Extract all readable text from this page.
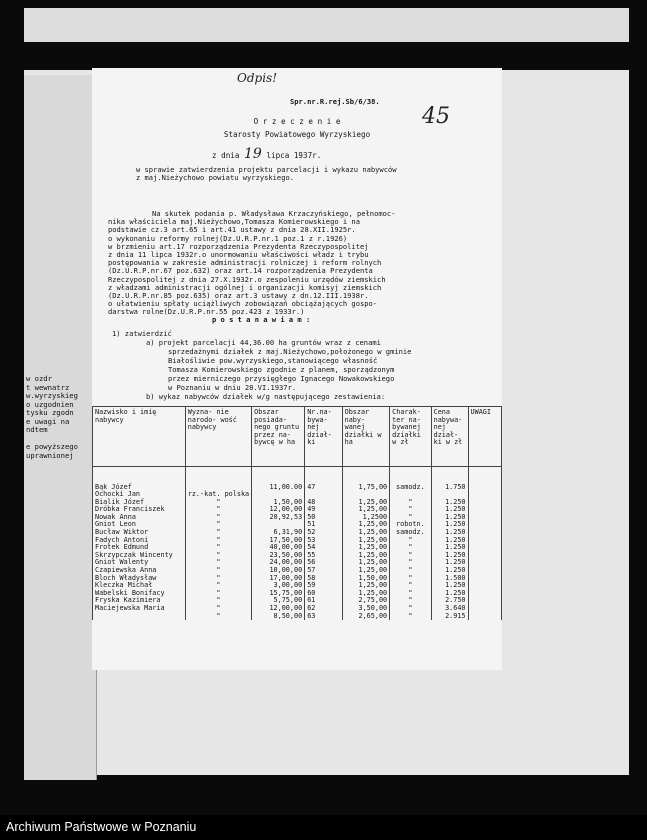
w ozdr
t wewnatrz
w.wyrzyskieg
o uzgodnien
tysku zgodn
e uwagi na
ndtem

e powyższego
uprawnionej
Odpis!
Spr.nr.R.rej.Sb/6/38.
45
O r z e c z e n i e
Starosty Powiatowego Wyrzyskiego
z dnia 19 lipca 1937r.
w sprawie zatwierdzenia projektu parcelacji i wykazu nabywców
z maj.Nieżychowo powiatu wyrzyskiego.
Na skutek podania p. Władysława Krzaczyńskiego, pełnomoc-
nika właściciela maj.Nieżychowo,Tomasza Komierowskiego i na
podstawie cz.3 art.65 i art.41 ustawy z dnia 28.XII.1925r.
o wykonaniu reformy rolnej(Dz.U.R.P.nr.1 poz.1 z r.1926)
w brzmieniu art.17 rozporządzenia Prezydenta Rzeczypospolitej
z dnia 11 lipca 1932r.o unormowaniu właściwości władz i trybu
postępowania w zakresie administracji rolniczej i reform rolnych
(Dz.U.R.P.nr.67 poz.632) oraz art.14 rozporządzenia Prezydenta
Rzeczypospolitej z dnia 27.X.1932r.o zespoleniu urzędów ziemskich
z władzami administracji ogólnej i organizacji komisyj ziemskich
(Dz.U.R.P.nr.85 poz.635) oraz art.3 ustawy z dn.12.III.1938r.
o ułatwieniu spłaty uciążliwych zobowiązań obciążających gospo-
darstwa rolne(Dz.U.R.P.nr.55 poz.423 z 1933r.)
p o s t a n a w i a m :
1) zatwierdzić
a) projekt parcelacji 44,36.00 ha gruntów wraz z cenami
sprzedażnymi działek z maj.Nieżychowo,położonego w gminie
Białośliwie pow.wyrzyskiego,stanowiącego własność
Tomasza Komierowskiego zgodnie z planem, sporządzonym
przez mierniczego przysięgłego Ignacego Nowakowskiego
w Poznaniu w dniu 28.VI.1937r.
b) wykaz nabywców działek w/g następującego zestawienia:
Nazwisko i imię nabywcy	Wyzna- nie narodo- wość nabywcy	Obszar posiada- nego gruntu przez na- bywcę w ha	Nr.na- bywa- nej dział- ki	Obszar naby- wanej działki w ha	Charak- ter na- bywanej działki w zł	Cena nabywa- nej dział- ki w zł	UWAGI

Bąk Józef		11,00.00	47	1,75,00	samodz.	1.750	
Ochocki Jan	rz.-kat. polska						
Bialik Józef	"	1,50,00	48	1,25,00	"	1.250	
Dróbka Franciszek	"	12,00,00	49	1,25,00	"	1.250	
Nowak Anna	"	20,92,53	50	1,2500	"	1.250	
Gniot Leon	"		51	1,25,00	robotn.	1.250	
Bucław Wiktor	"	6,31,90	52	1,25,00	samodz.	1.250	
Fadych Antoni	"	17,50,00	53	1,25,00	"	1.250	
Frotek Edmund	"	40,00,00	54	1,25,00	"	1.250	
Skrzypczak Wincenty	"	23,50,00	55	1,25,00	"	1.250	
Gniot Walenty	"	24,00,00	56	1,25,00	"	1.250	
Czapiewska Anna	"	10,00,00	57	1,25,00	"	1.250	
Bloch Władysław	"	17,00,00	58	1,50,00	"	1.500	
Kleczka Michał	"	3,00,00	59	1,25,00	"	1.250	
Wabelski Bonifacy	"	15,75,00	60	1,25,00	"	1.250	
Fryska Kazimiera	"	5,75,00	61	2,75,00	"	2.750	
Maciejewska Maria	"	12,00,00	62	3,50,00	"	3.640	
	"	8,50,00	63	2,65,00	"	2.915	
Archiwum Państwowe w Poznaniu
